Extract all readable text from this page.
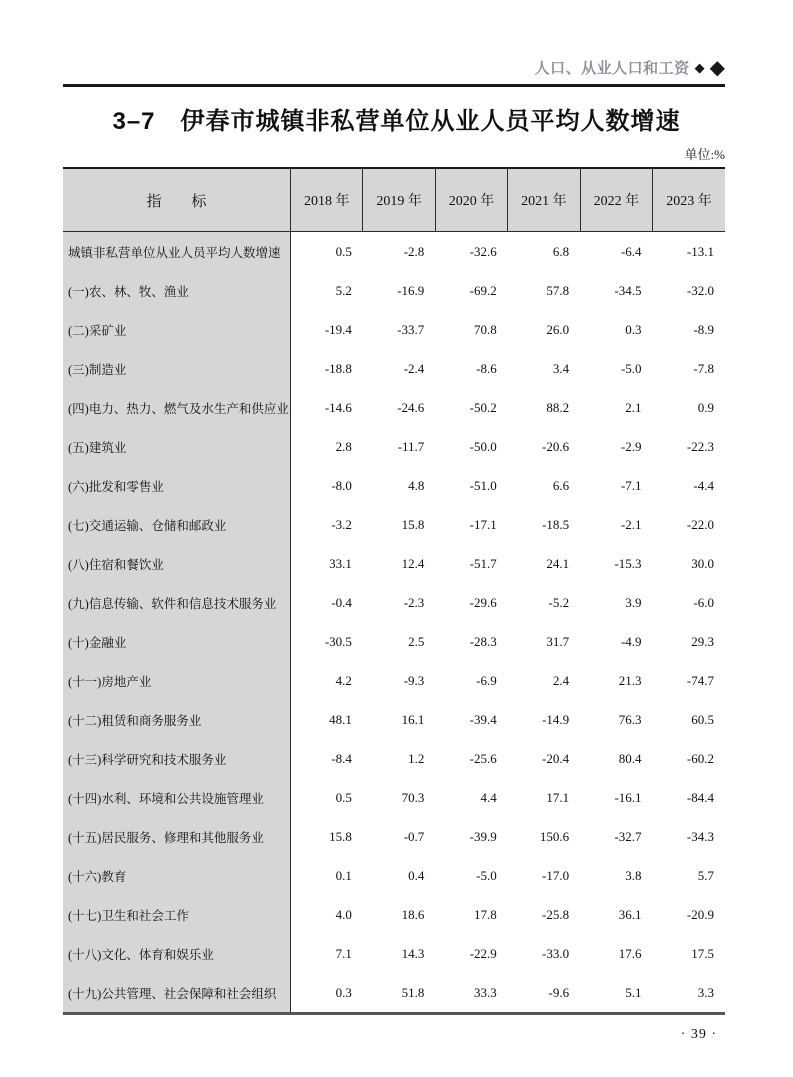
人口、从业人口和工资 ◆ ◆
3–7　伊春市城镇非私营单位从业人员平均人数增速
单位:%
指　　标	2018 年	2019 年	2020 年	2021 年	2022 年	2023 年
城镇非私营单位从业人员平均人数增速	0.5	-2.8	-32.6	6.8	-6.4	-13.1
(一)农、林、牧、渔业	5.2	-16.9	-69.2	57.8	-34.5	-32.0
(二)采矿业	-19.4	-33.7	70.8	26.0	0.3	-8.9
(三)制造业	-18.8	-2.4	-8.6	3.4	-5.0	-7.8
(四)电力、热力、燃气及水生产和供应业	-14.6	-24.6	-50.2	88.2	2.1	0.9
(五)建筑业	2.8	-11.7	-50.0	-20.6	-2.9	-22.3
(六)批发和零售业	-8.0	4.8	-51.0	6.6	-7.1	-4.4
(七)交通运输、仓储和邮政业	-3.2	15.8	-17.1	-18.5	-2.1	-22.0
(八)住宿和餐饮业	33.1	12.4	-51.7	24.1	-15.3	30.0
(九)信息传输、软件和信息技术服务业	-0.4	-2.3	-29.6	-5.2	3.9	-6.0
(十)金融业	-30.5	2.5	-28.3	31.7	-4.9	29.3
(十一)房地产业	4.2	-9.3	-6.9	2.4	21.3	-74.7
(十二)租赁和商务服务业	48.1	16.1	-39.4	-14.9	76.3	60.5
(十三)科学研究和技术服务业	-8.4	1.2	-25.6	-20.4	80.4	-60.2
(十四)水利、环境和公共设施管理业	0.5	70.3	4.4	17.1	-16.1	-84.4
(十五)居民服务、修理和其他服务业	15.8	-0.7	-39.9	150.6	-32.7	-34.3
(十六)教育	0.1	0.4	-5.0	-17.0	3.8	5.7
(十七)卫生和社会工作	4.0	18.6	17.8	-25.8	36.1	-20.9
(十八)文化、体育和娱乐业	7.1	14.3	-22.9	-33.0	17.6	17.5
(十九)公共管理、社会保障和社会组织	0.3	51.8	33.3	-9.6	5.1	3.3
· 39 ·
